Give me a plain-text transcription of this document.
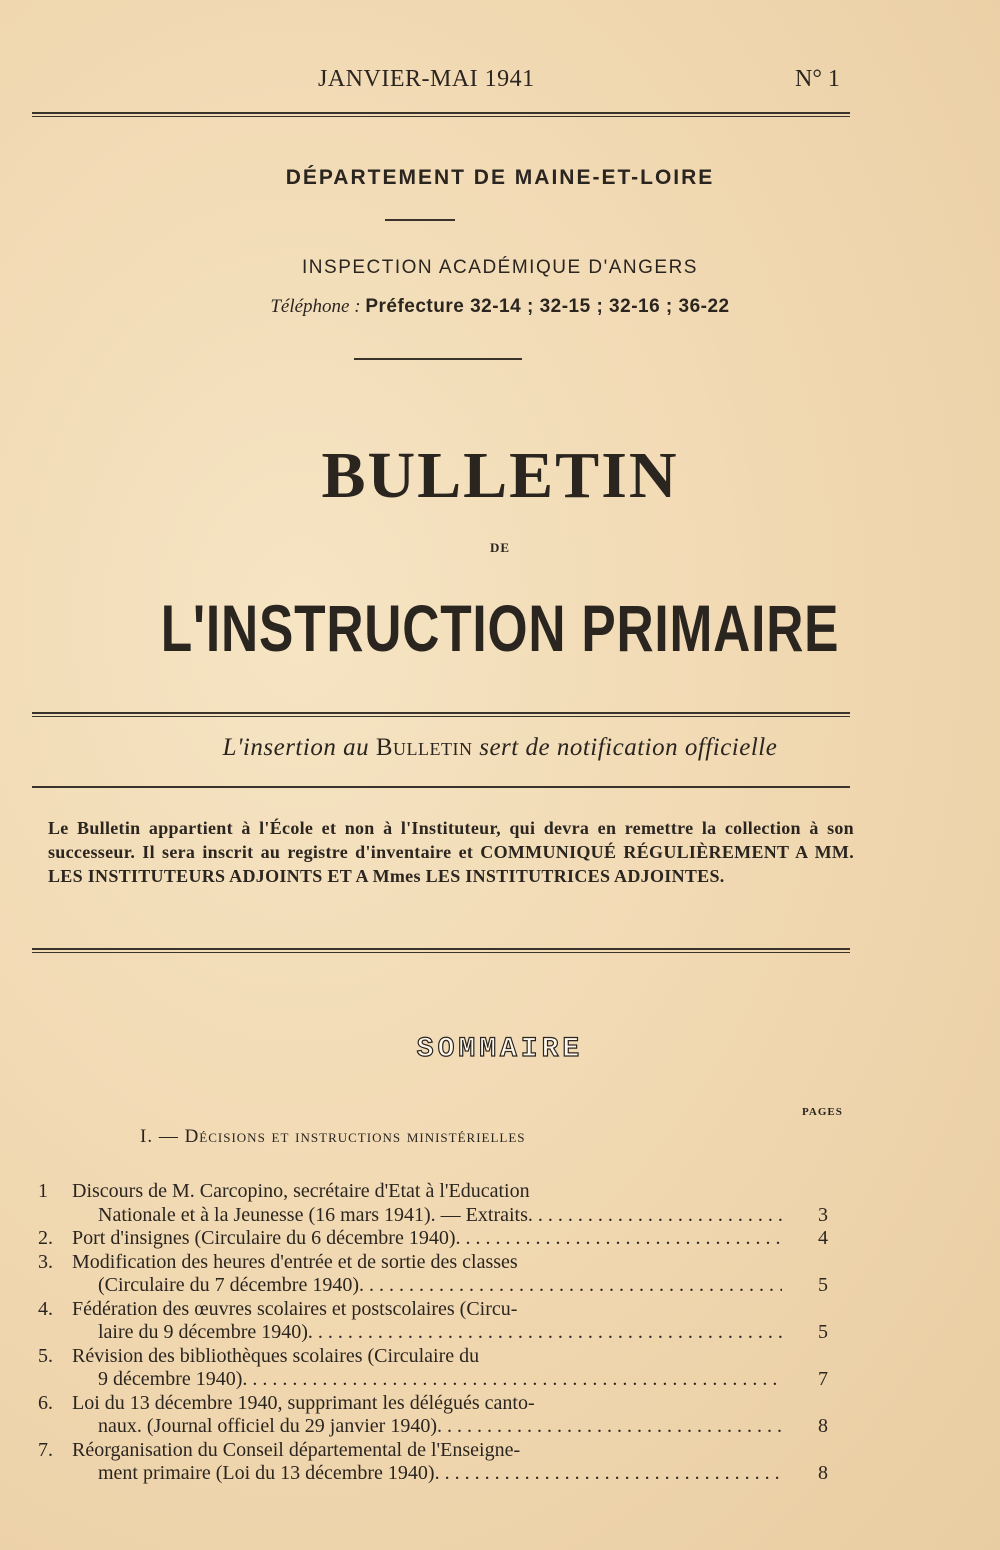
JANVIER-MAI 1941	N° 1
DÉPARTEMENT DE MAINE-ET-LOIRE
INSPECTION ACADÉMIQUE D'ANGERS
Téléphone : Préfecture 32-14 ; 32-15 ; 32-16 ; 36-22
BULLETIN
DE
L'INSTRUCTION PRIMAIRE
L'insertion au Bulletin sert de notification officielle
Le Bulletin appartient à l'École et non à l'Instituteur, qui devra en remettre la collection à son successeur. Il sera inscrit au registre d'inventaire et COMMUNIQUÉ RÉGULIÈREMENT A MM. LES INSTITUTEURS ADJOINTS ET A Mmes LES INSTITUTRICES ADJOINTES.
SOMMAIRE
PAGES
I. — Décisions et instructions ministérielles
1 Discours de M. Carcopino, secrétaire d'Etat à l'Education
Nationale et à la Jeunesse (16 mars 1941). — Extraits . . .	3
2. Port d'insignes (Circulaire du 6 décembre 1940) . . .	4
3. Modification des heures d'entrée et de sortie des classes
(Circulaire du 7 décembre 1940) . . .	5
4. Fédération des œuvres scolaires et postscolaires (Circu-
laire du 9 décembre 1940) . . .	5
5. Révision des bibliothèques scolaires (Circulaire du
9 décembre 1940) . . .	7
6. Loi du 13 décembre 1940, supprimant les délégués canto-
naux. (Journal officiel du 29 janvier 1940) . . .	8
7. Réorganisation du Conseil départemental de l'Enseigne-
ment primaire (Loi du 13 décembre 1940) . . .	8
